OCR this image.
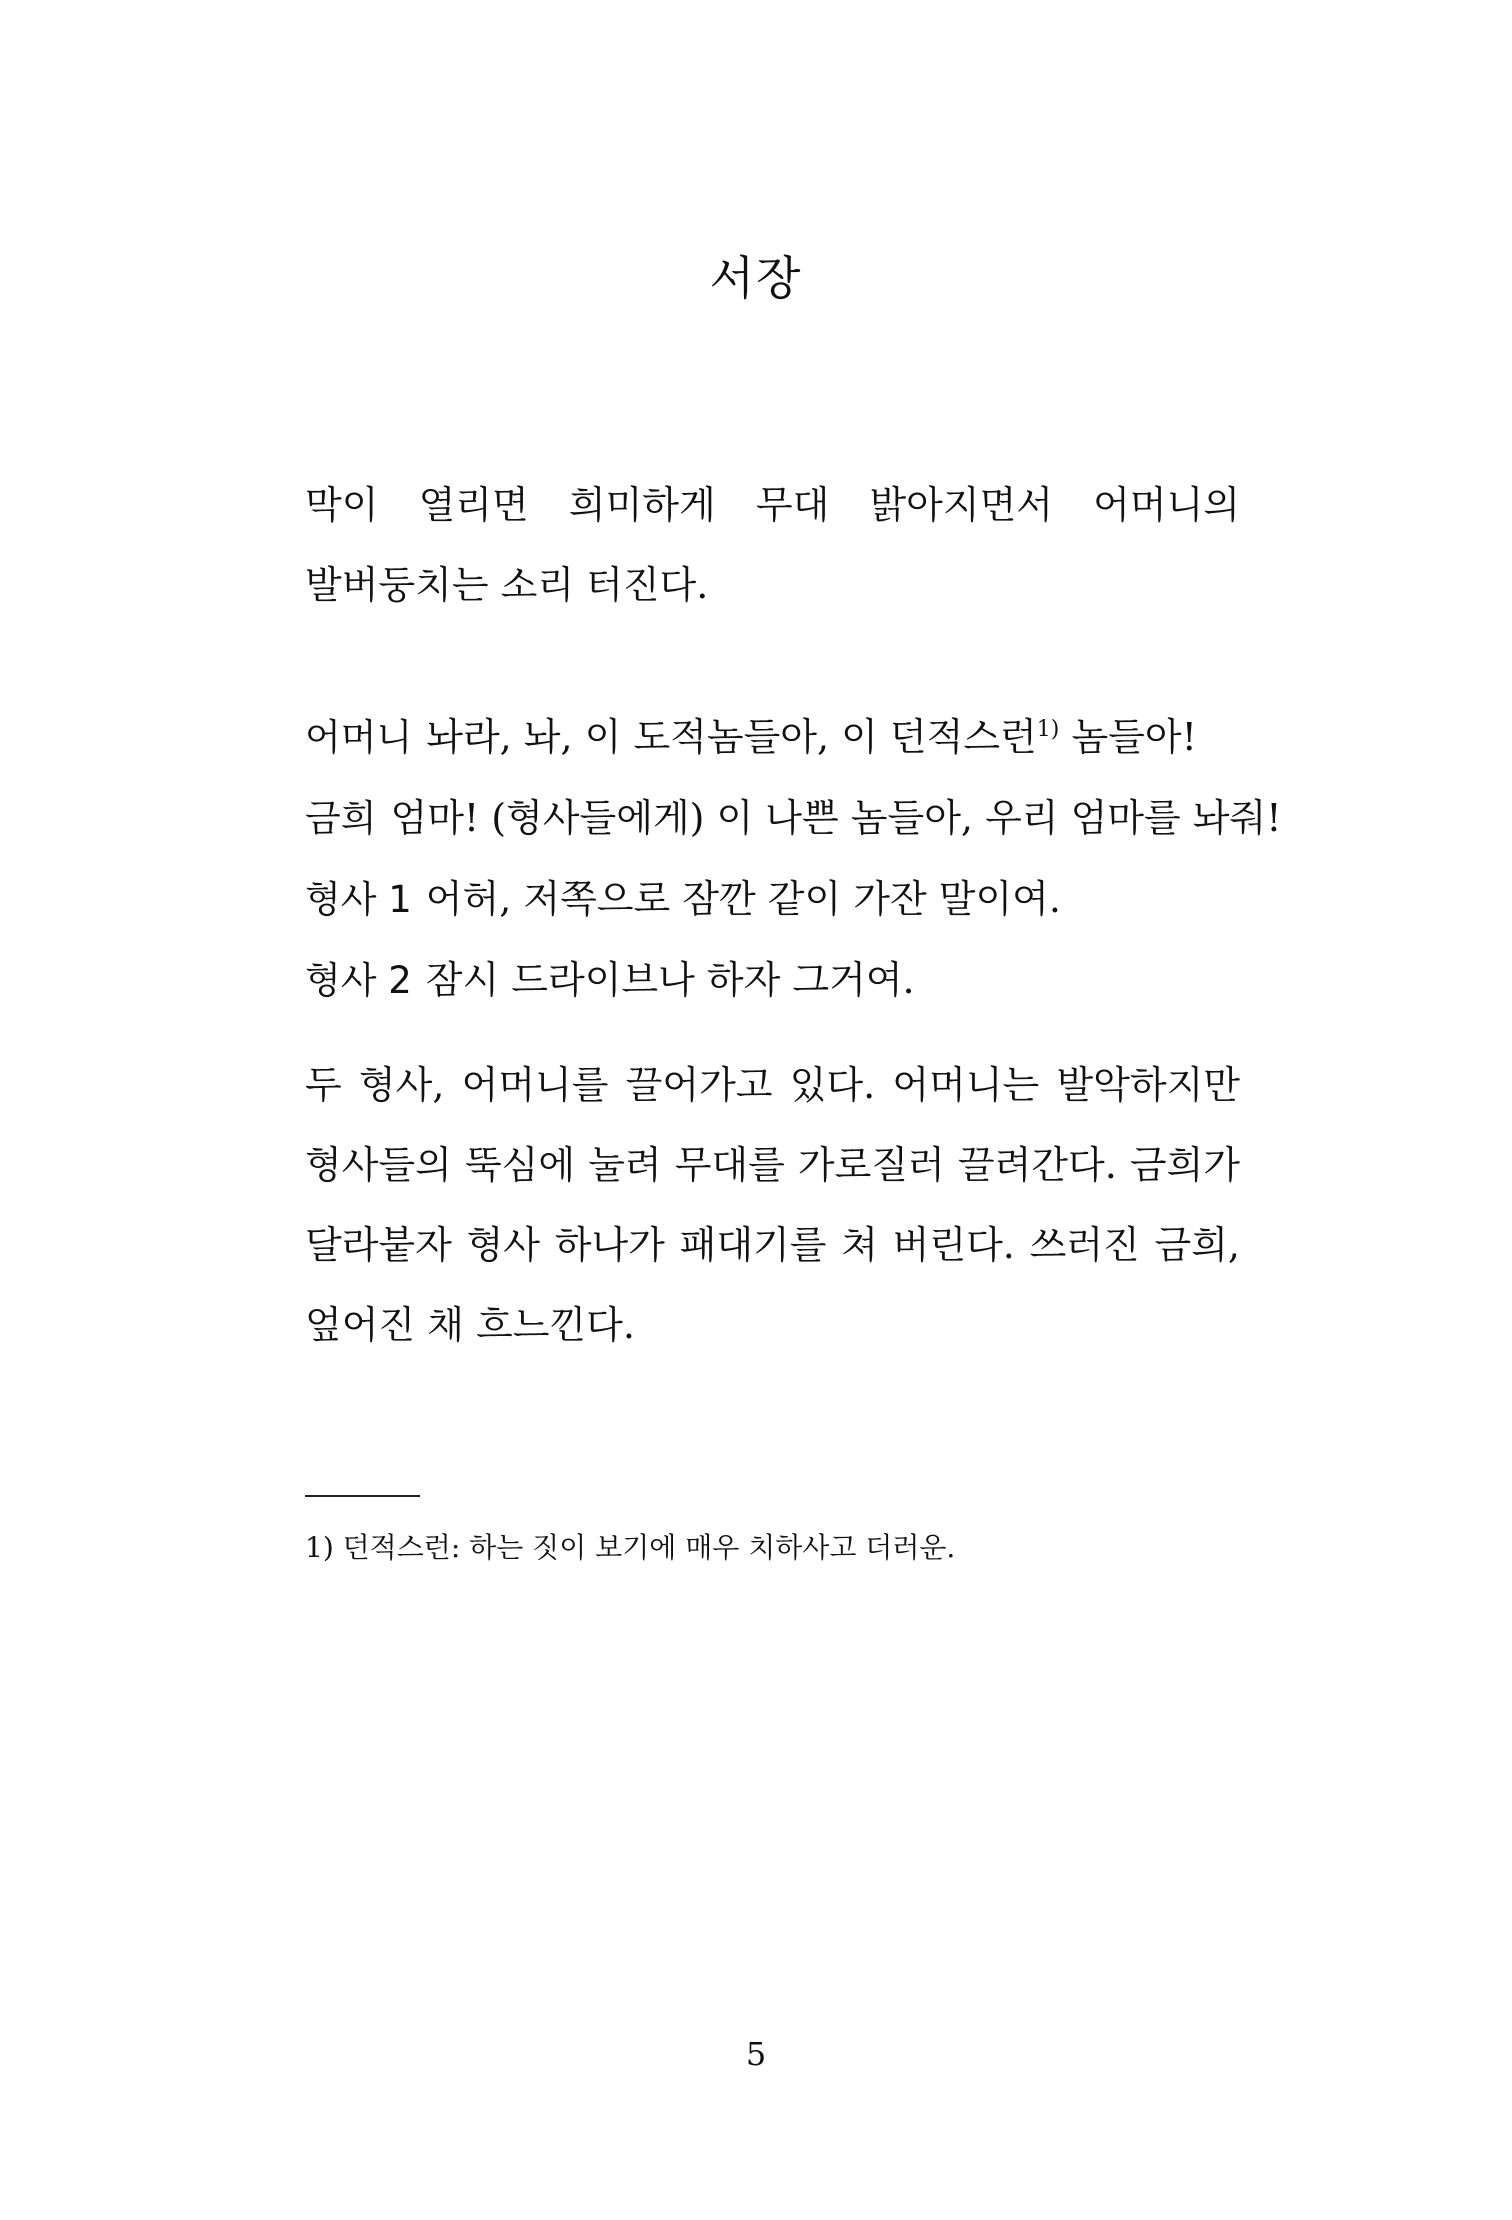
서장
막이 열리면 희미하게 무대 밝아지면서 어머니의 발버둥치는 소리 터진다.
어머니 놔라, 놔, 이 도적놈들아, 이 던적스런$^{1)}$ 놈들아!
금희 엄마! (형사들에게) 이 나쁜 놈들아, 우리 엄마를 놔줘!
형사 1 어허, 저쪽으로 잠깐 같이 가잔 말이여.
형사 2 잠시 드라이브나 하자 그거여.
두 형사, 어머니를 끌어가고 있다. 어머니는 발악하지만 형사들의 뚝심에 눌려 무대를 가로질러 끌려간다. 금희가 달라붙자 형사 하나가 패대기를 쳐 버린다. 쓰러진 금희, 엎어진 채 흐느낀다.
1) 던적스런: 하는 짓이 보기에 매우 치하사고 더러운.
5
